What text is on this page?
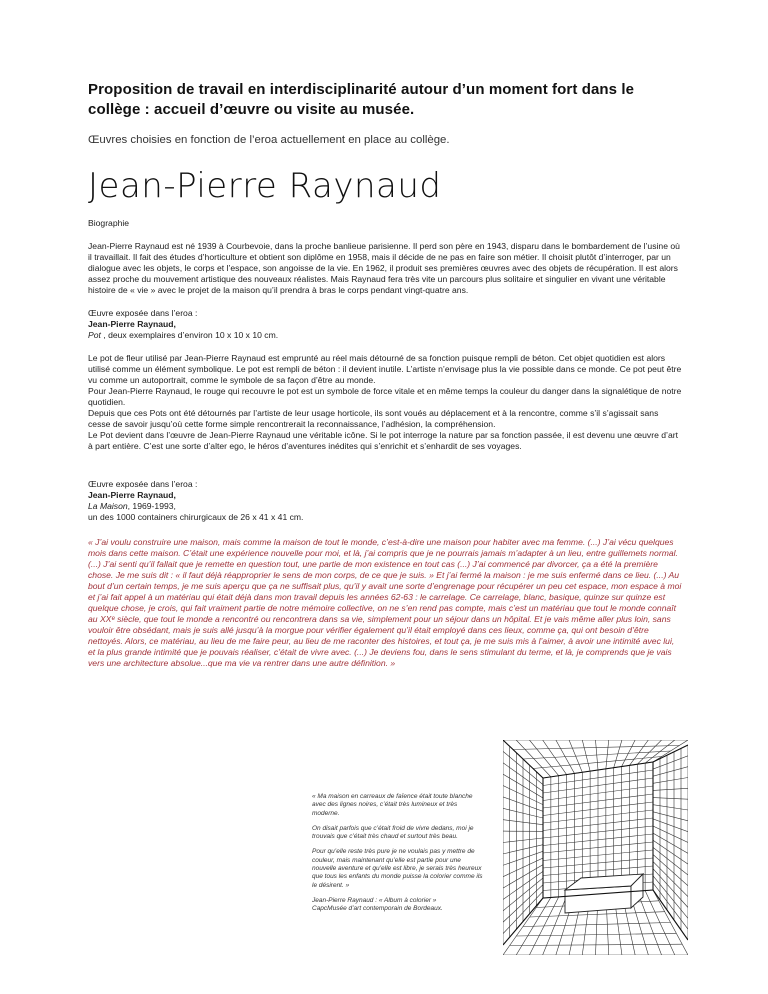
Proposition de travail en interdisciplinarité autour d’un moment fort dans le collège : accueil d’œuvre ou visite au musée.

Œuvres choisies en fonction de l’eroa actuellement en place au collège.

Jean-Pierre Raynaud

Biographie

Jean-Pierre Raynaud est né 1939 à Courbevoie, dans la proche banlieue parisienne. Il perd son père en 1943, disparu dans le bombardement de l’usine où il travaillait. Il fait des études d’horticulture et obtient son diplôme en 1958, mais il décide de ne pas en faire son métier. Il choisit plutôt d’interroger, par un dialogue avec les objets, le corps et l’espace, son angoisse de la vie. En 1962, il produit ses premières œuvres avec des objets de récupération. Il est alors assez proche du mouvement artistique des nouveaux réalistes. Mais Raynaud fera très vite un parcours plus solitaire et singulier en vivant une véritable histoire de « vie » avec le projet de la maison qu’il prendra à bras le corps pendant vingt-quatre ans.

Œuvre exposée dans l’eroa :
Jean-Pierre Raynaud,
Pot , deux exemplaires d’environ 10 x 10 x 10 cm.
Le pot de fleur utilisé par Jean-Pierre Raynaud est emprunté au réel mais détourné de sa fonction puisque rempli de béton. Cet objet quotidien est alors utilisé comme un élément symbolique. Le pot est rempli de béton : il devient inutile. L’artiste n’envisage plus la vie possible dans ce monde. Ce pot peut être vu comme un autoportrait, comme le symbole de sa façon d’être au monde.
Pour Jean-Pierre Raynaud, le rouge qui recouvre le pot est un symbole de force vitale et en même temps la couleur du danger dans la signalétique de notre quotidien.
Depuis que ces Pots ont été détournés par l’artiste de leur usage horticole, ils sont voués au déplacement et à la rencontre, comme s’il s’agissait sans cesse de savoir jusqu’où cette forme simple rencontrerait la reconnaissance, l’adhésion, la compréhension.
Le Pot devient dans l’œuvre de Jean-Pierre Raynaud une véritable icône. Si le pot interroge la nature par sa fonction passée, il est devenu une œuvre d’art à part entière. C’est une sorte d’alter ego, le héros d’aventures inédites qui s’enrichit et s’enhardit de ses voyages.
Œuvre exposée dans l’eroa :
Jean-Pierre Raynaud,
La Maison, 1969-1993,
un des 1000 containers chirurgicaux de 26 x 41 x 41 cm.

« J’ai voulu construire une maison, mais comme la maison de tout le monde, c’est-à-dire une maison pour habiter avec ma femme. (...) J’ai vécu quelques mois dans cette maison. C’était une expérience nouvelle pour moi, et là, j’ai compris que je ne pourrais jamais m’adapter à un lieu, entre guillemets normal. (...) J’ai senti qu’il fallait que je remette en question tout, une partie de mon existence en tout cas (...) J’ai commencé par divorcer, ça a été la première chose. Je me suis dit : « il faut déjà réapproprier le sens de mon corps, de ce que je suis. » Et j’ai fermé la maison : je me suis enfermé dans ce lieu. (...) Au bout d’un certain temps, je me suis aperçu que ça ne suffisait plus, qu’il y avait une sorte d’engrenage pour récupérer un peu cet espace, mon espace à moi et j’ai fait appel à un matériau qui était déjà dans mon travail depuis les années 62-63 : le carrelage. Ce carrelage, blanc, basique, quinze sur quinze est quelque chose, je crois, qui fait vraiment partie de notre mémoire collective, on ne s’en rend pas compte, mais c’est un matériau que tout le monde connaît au XXᵉ siècle, que tout le monde a rencontré ou rencontrera dans sa vie, simplement pour un séjour dans un hôpital. Et je vais même aller plus loin, sans vouloir être obsédant, mais je suis allé jusqu’à la morgue pour vérifier également qu’il était employé dans ces lieux, comme ça, qui ont besoin d’être nettoyés. Alors, ce matériau, au lieu de me faire peur, au lieu de me raconter des histoires, et tout ça, je me suis mis à l’aimer, à avoir une intimité avec lui, et la plus grande intimité que je pouvais réaliser, c’était de vivre avec. (...) Je deviens fou, dans le sens stimulant du terme, et là, je comprends que je vais vers une architecture absolue...que ma vie va rentrer dans une autre définition. »

« Ma maison en carreaux de faïence était toute blanche avec des lignes noires, c’était très lumineux et très moderne.

On disait parfois que c’était froid de vivre dedans, moi je trouvais que c’était très chaud et surtout très beau.

Pour qu’elle reste très pure je ne voulais pas y mettre de couleur, mais maintenant qu’elle est partie pour une nouvelle aventure et qu’elle est libre, je serais très heureux que tous les enfants du monde puisse la colorier comme ils le désirent. »

Jean-Pierre Raynaud : « Album à colorier »
CapcMusée d’art contemporain de Bordeaux.
